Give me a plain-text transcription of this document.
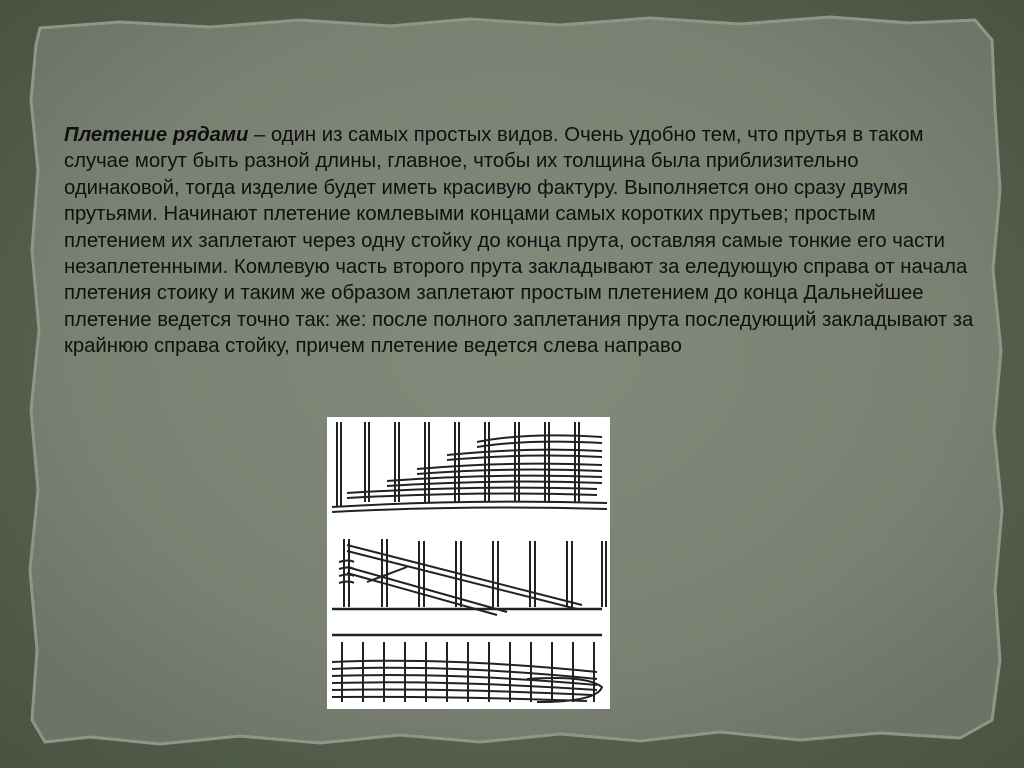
Плетение рядами – один из самых простых видов. Очень удобно тем, что прутья в таком случае могут быть разной длины, главное, чтобы их толщина была приблизительно одинаковой, тогда изделие будет иметь красивую фактуру. Выполняется оно сразу двумя прутьями. Начинают плетение комлевыми концами самых коротких прутьев; простым плетением их заплетают через одну стойку до конца прута, оставляя самые тонкие его части незаплетенными. Комлевую часть второго прута закладывают за еледующую справа от начала плетения стоику и таким же образом заплетают простым плетением до конца Дальнейшее плетение ведется точно так: же: после полного заплетания прута последующий закладывают за крайнюю справа стойку, причем плетение ведется слева направо
